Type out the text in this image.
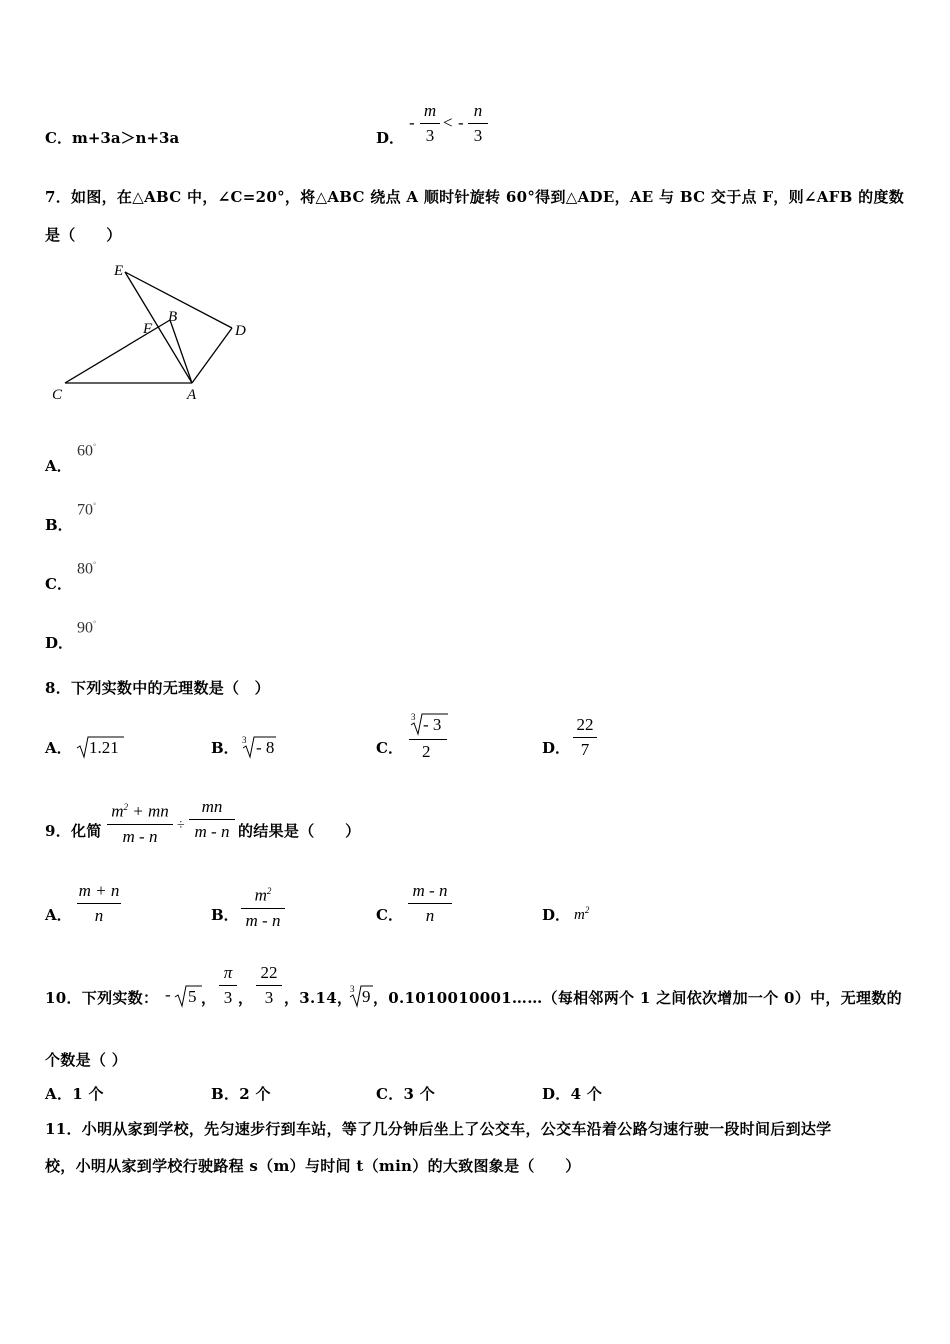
C．m+3a＞n+3a	D．
-
m
3
< -
n
3
7．如图，在△ABC 中，∠C=20°，将△ABC 绕点 A 顺时针旋转 60°得到△ADE，AE 与 BC 交于点 F，则∠AFB 的度数
是（　　）
E
B
F	D
C	A
A．
60°
B．
70°
C．
80°
D．
90°
8．下列实数中的无理数是（　）
A． 1.21	B． 3 - 8	C．
3 - 3
2	D．
22
7
9．化简
$m^2$ + mn
m - n
÷
mn
m - n 的结果是（　　）
A．
m + n
n	B．
$m^2$
m - n	C．
m - n
n	D． $m^2$
10．下列实数： - 5 ，
π
3 ，
22
3 ，3.14，
3 9 ，0.1010010001……（每相邻两个 1 之间依次增加一个 0）中，无理数的
个数是（ ）
A．1 个	B．2 个	C．3 个	D．4 个
11．小明从家到学校，先匀速步行到车站，等了几分钟后坐上了公交车，公交车沿着公路匀速行驶一段时间后到达学
校，小明从家到学校行驶路程 s（m）与时间 t（min）的大致图象是（　　）
